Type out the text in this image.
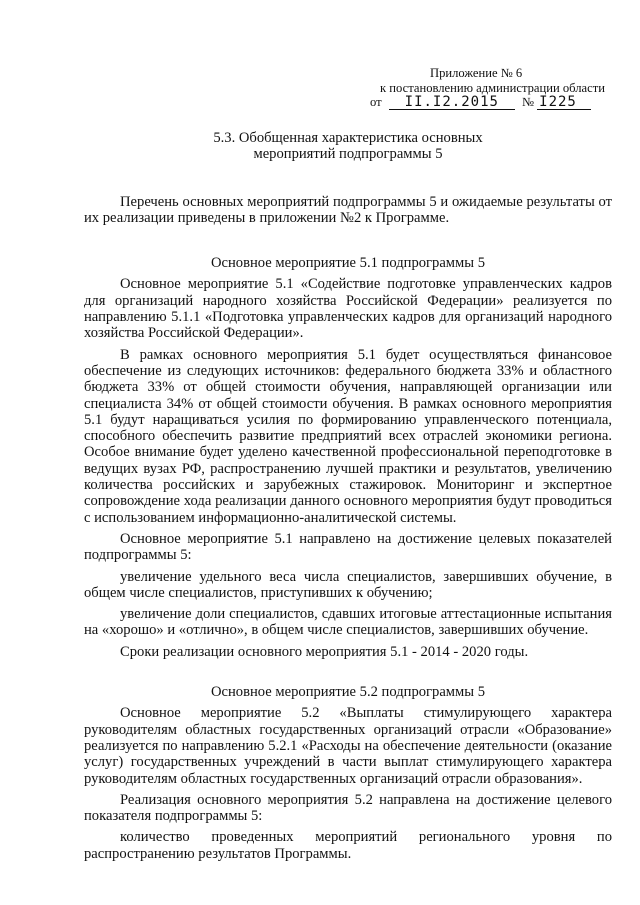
Приложение № 6
к постановлению администрации области
от II.I2.2015 № I225
5.3. Обобщенная характеристика основных
мероприятий подпрограммы 5

Перечень основных мероприятий подпрограммы 5 и ожидаемые результаты от их реализации приведены в приложении №2 к Программе.

Основное мероприятие 5.1 подпрограммы 5

Основное мероприятие 5.1 «Содействие подготовке управленческих кадров для организаций народного хозяйства Российской Федерации» реализуется по направлению 5.1.1 «Подготовка управленческих кадров для организаций народного хозяйства Российской Федерации».

В рамках основного мероприятия 5.1 будет осуществляться финансовое обеспечение из следующих источников: федерального бюджета 33% и областного бюджета 33% от общей стоимости обучения, направляющей организации или специалиста 34% от общей стоимости обучения. В рамках основного мероприятия 5.1 будут наращиваться усилия по формированию управленческого потенциала, способного обеспечить развитие предприятий всех отраслей экономики региона. Особое внимание будет уделено качественной профессиональной переподготовке в ведущих вузах РФ, распространению лучшей практики и результатов, увеличению количества российских и зарубежных стажировок. Мониторинг и экспертное сопровождение хода реализации данного основного мероприятия будут проводиться с использованием информационно-аналитической системы.

Основное мероприятие 5.1 направлено на достижение целевых показателей подпрограммы 5:

увеличение удельного веса числа специалистов, завершивших обучение, в общем числе специалистов, приступивших к обучению;

увеличение доли специалистов, сдавших итоговые аттестационные испытания на «хорошо» и «отлично», в общем числе специалистов, завершивших обучение.

Сроки реализации основного мероприятия 5.1 - 2014 - 2020 годы.

Основное мероприятие 5.2 подпрограммы 5

Основное мероприятие 5.2 «Выплаты стимулирующего характера руководителям областных государственных организаций отрасли «Образование» реализуется по направлению 5.2.1 «Расходы на обеспечение деятельности (оказание услуг) государственных учреждений в части выплат стимулирующего характера руководителям областных государственных организаций отрасли образования».

Реализация основного мероприятия 5.2 направлена на достижение целевого показателя подпрограммы 5:

количество проведенных мероприятий регионального уровня по распространению результатов Программы.
